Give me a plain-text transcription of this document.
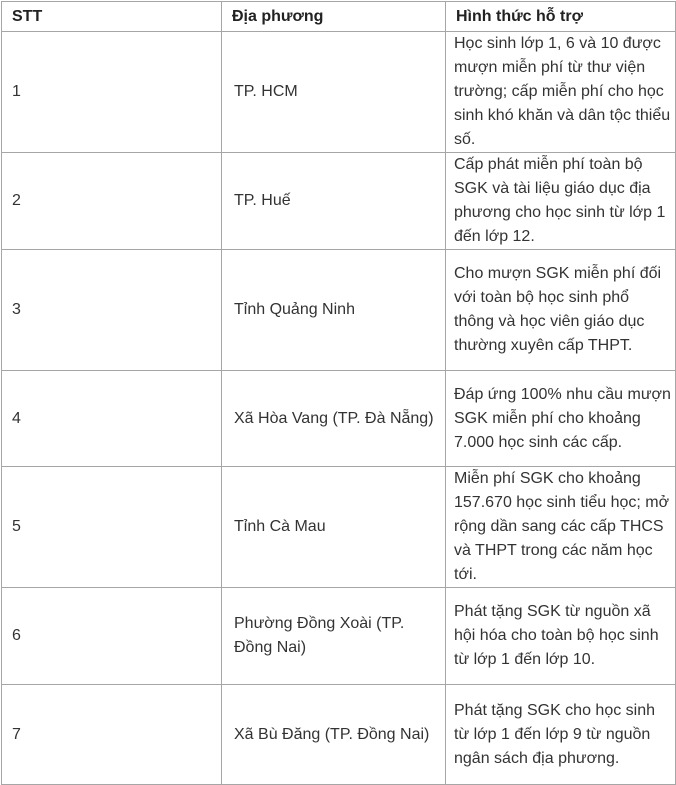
STT	Địa phương	Hình thức hỗ trợ
1	TP. HCM	Học sinh lớp 1, 6 và 10 được mượn miễn phí từ thư viện trường; cấp miễn phí cho học sinh khó khăn và dân tộc thiểu số.
2	TP. Huế	Cấp phát miễn phí toàn bộ SGK và tài liệu giáo dục địa phương cho học sinh từ lớp 1 đến lớp 12.
3	Tỉnh Quảng Ninh	Cho mượn SGK miễn phí đối với toàn bộ học sinh phổ thông và học viên giáo dục thường xuyên cấp THPT.
4	Xã Hòa Vang (TP. Đà Nẵng)	Đáp ứng 100% nhu cầu mượn SGK miễn phí cho khoảng 7.000 học sinh các cấp.
5	Tỉnh Cà Mau	Miễn phí SGK cho khoảng 157.670 học sinh tiểu học; mở rộng dần sang các cấp THCS và THPT trong các năm học tới.
6	Phường Đồng Xoài (TP. Đồng Nai)	Phát tặng SGK từ nguồn xã hội hóa cho toàn bộ học sinh từ lớp 1 đến lớp 10.
7	Xã Bù Đăng (TP. Đồng Nai)	Phát tặng SGK cho học sinh từ lớp 1 đến lớp 9 từ nguồn ngân sách địa phương.
